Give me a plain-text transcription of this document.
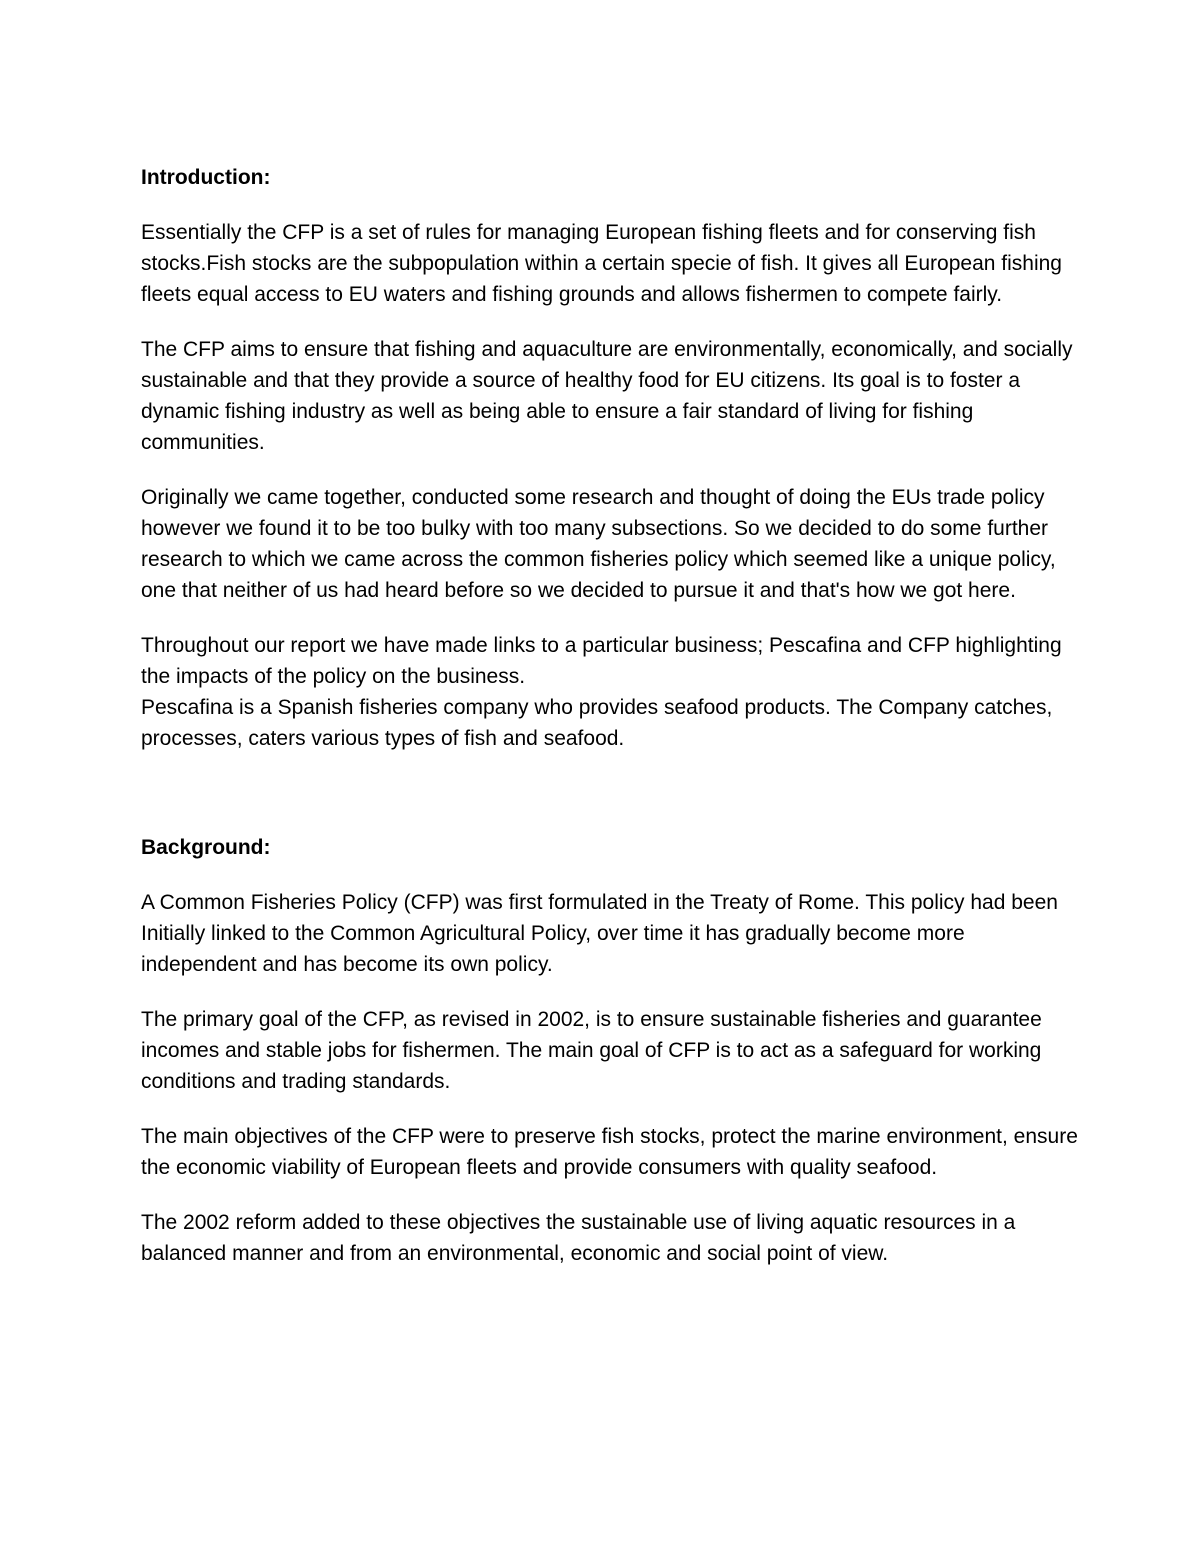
Introduction:

Essentially the CFP is a set of rules for managing European fishing fleets and for conserving fish stocks.Fish stocks are the subpopulation within a certain specie of fish. It gives all European fishing fleets equal access to EU waters and fishing grounds and allows fishermen to compete fairly.

The CFP aims to ensure that fishing and aquaculture are environmentally, economically, and socially sustainable and that they provide a source of healthy food for EU citizens. Its goal is to foster a dynamic fishing industry as well as being able to ensure a fair standard of living for fishing communities.

Originally we came together, conducted some research and thought of doing the EUs trade policy however we found it to be too bulky with too many subsections. So we decided to do some further research to which we came across the common fisheries policy which seemed like a unique policy, one that neither of us had heard before so we decided to pursue it and that's how we got here.

Throughout our report we have made links to a particular business; Pescafina and CFP highlighting the impacts of the policy on the business.

Pescafina is a Spanish fisheries company who provides seafood products. The Company catches, processes, caters various types of fish and seafood.

Background:

A Common Fisheries Policy (CFP) was first formulated in the Treaty of Rome. This policy had been Initially linked to the Common Agricultural Policy, over time it has gradually become more independent and has become its own policy.

The primary goal of the CFP, as revised in 2002, is to ensure sustainable fisheries and guarantee incomes and stable jobs for fishermen. The main goal of CFP is to act as a safeguard for working conditions and trading standards.

The main objectives of the CFP were to preserve fish stocks, protect the marine environment, ensure the economic viability of European fleets and provide consumers with quality seafood.

The 2002 reform added to these objectives the sustainable use of living aquatic resources in a balanced manner and from an environmental, economic and social point of view.
